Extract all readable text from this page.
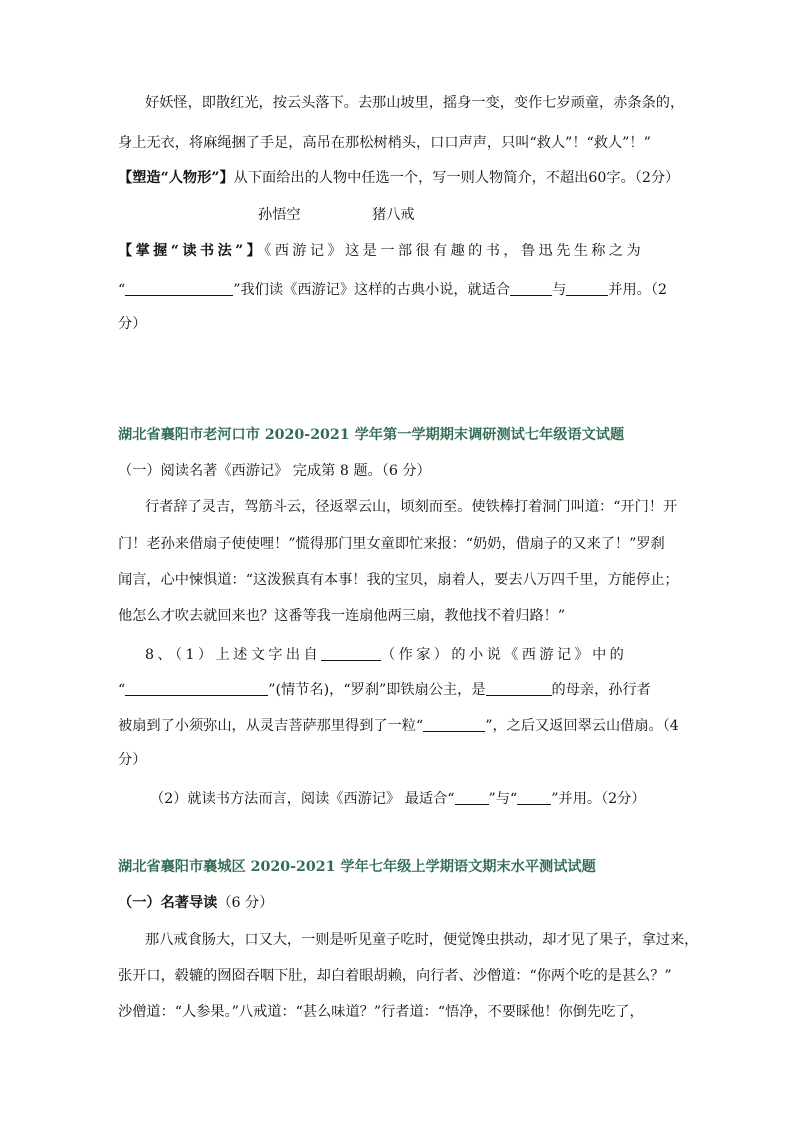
好妖怪，即散红光，按云头落下。去那山坡里，摇身一变，变作七岁顽童，赤条条的，
身上无衣，将麻绳捆了手足，高吊在那松树梢头，口口声声，只叫“救人”！“救人”！”
【塑造“人物形”】从下面给出的人物中任选一个，写一则人物简介，不超出60字。（2分）
孙悟空	猪八戒
【掌握“读书法”】《西游记》这是一部很有趣的书，鲁迅先生称之为
“	”我们读《西游记》这样的古典小说，就适合	与	并用。（2
分）
湖北省襄阳市老河口市 2020-2021 学年第一学期期末调研测试七年级语文试题
（一）阅读名著《西游记》 完成第 8 题。（6 分）
行者辞了灵吉，驾筋斗云，径返翠云山，顷刻而至。使铁棒打着洞门叫道：“开门！开
门！老孙来借扇子使使哩！”慌得那门里女童即忙来报：“奶奶，借扇子的又来了！”罗刹
闻言，心中悚惧道：“这泼猴真有本事！我的宝贝，扇着人，要去八万四千里，方能停止；
他怎么才吹去就回来也？这番等我一连扇他两三扇，教他找不着归路！”
8、（1）上述文字出自	（作家）的小说《西游记》中的
“	”(情节名)，“罗刹”即铁扇公主，是	的母亲，孙行者
被扇到了小须弥山，从灵吉菩萨那里得到了一粒“	”，之后又返回翠云山借扇。（4
分）
（2）就读书方法而言，阅读《西游记》 最适合“ ”与“ ”并用。（2分）
湖北省襄阳市襄城区 2020-2021 学年七年级上学期语文期末水平测试试题
（一）名著导读（6 分）
那八戒食肠大，口又大，一则是听见童子吃时，便觉馋虫拱动，却才见了果子，拿过来，
张开口，毂辘的囫囵吞咽下肚，却白着眼胡赖，向行者、沙僧道：“你两个吃的是甚么？”
沙僧道：“人参果。”八戒道：“甚么味道？”行者道：“悟净，不要睬他！你倒先吃了，
